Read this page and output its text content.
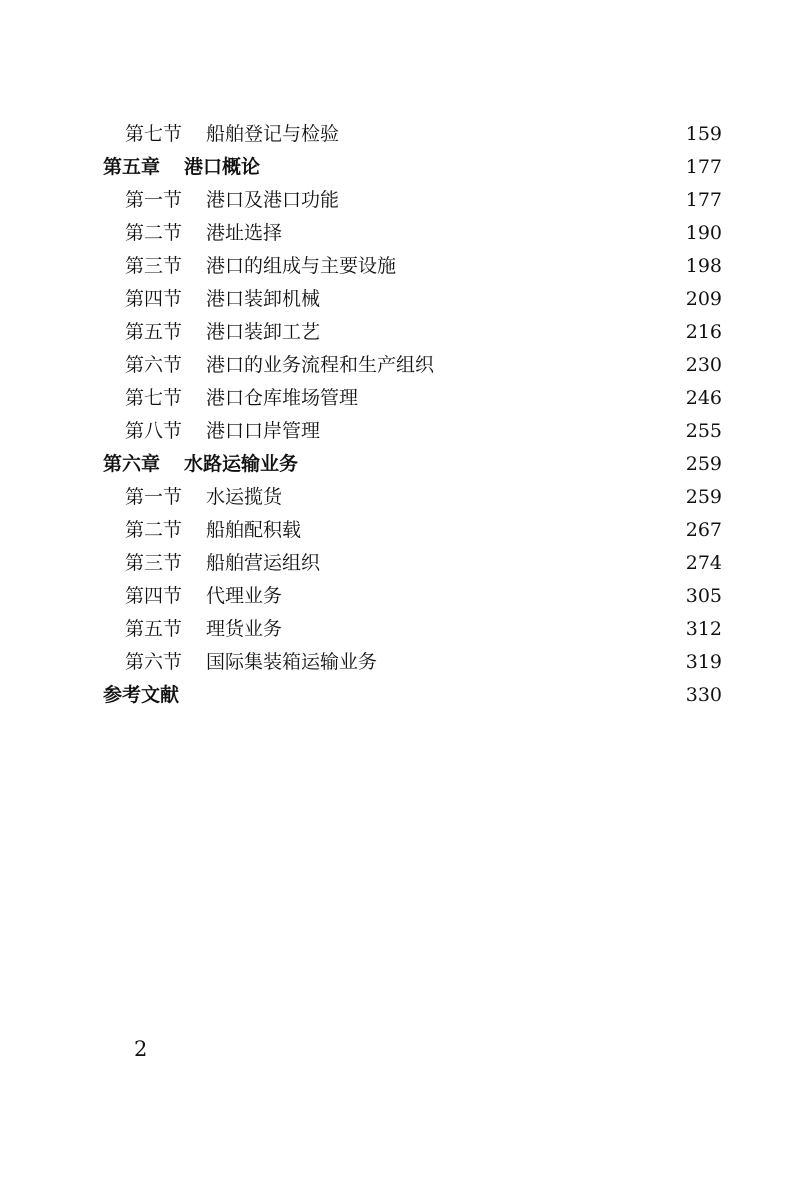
第七节 船舶登记与检验	159
第五章 港口概论	177
第一节 港口及港口功能	177
第二节 港址选择	190
第三节 港口的组成与主要设施	198
第四节 港口装卸机械	209
第五节 港口装卸工艺	216
第六节 港口的业务流程和生产组织	230
第七节 港口仓库堆场管理	246
第八节 港口口岸管理	255
第六章 水路运输业务	259
第一节 水运揽货	259
第二节 船舶配积载	267
第三节 船舶营运组织	274
第四节 代理业务	305
第五节 理货业务	312
第六节 国际集装箱运输业务	319
参考文献	330
2
